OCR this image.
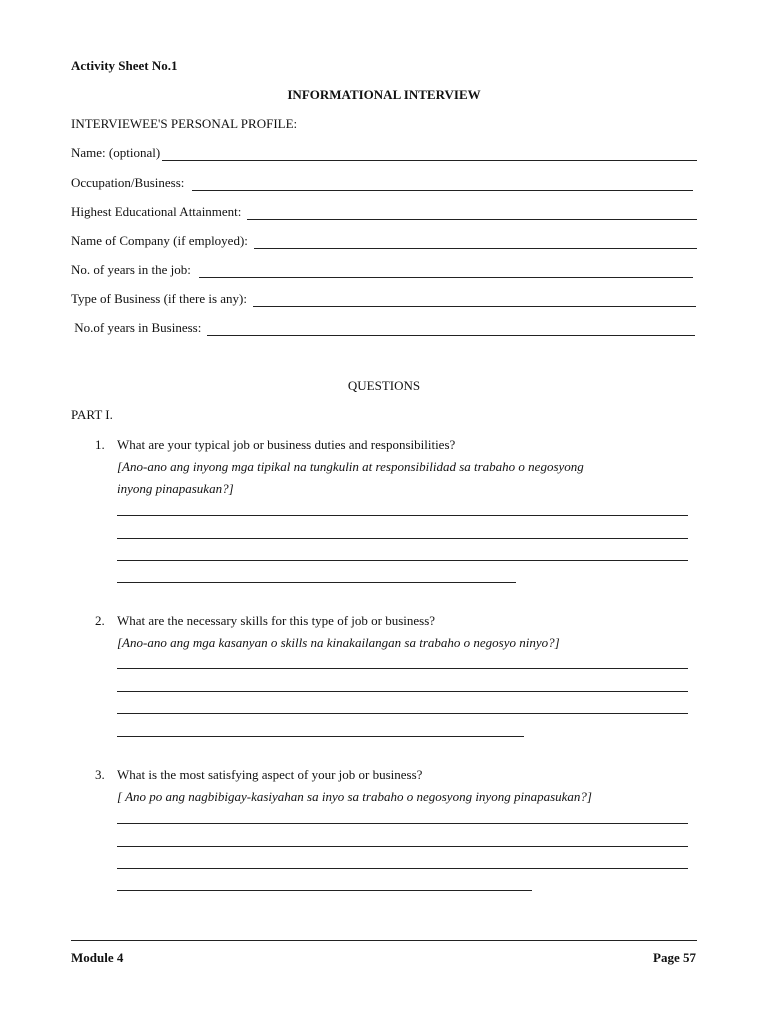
Activity Sheet No.1
INFORMATIONAL INTERVIEW
INTERVIEWEE'S PERSONAL PROFILE:
Name: (optional)
Occupation/Business:
Highest Educational Attainment:
Name of Company (if employed):
No. of years in the job:
Type of Business (if there is any):
No.of years in Business:
QUESTIONS
PART I.
1. What are your typical job or business duties and responsibilities?
[Ano-ano ang inyong mga tipikal na tungkulin at responsibilidad sa trabaho o negosyong
inyong pinapasukan?]
2. What are the necessary skills for this type of job or business?
[Ano-ano ang mga kasanyan o skills na kinakailangan sa trabaho o negosyo ninyo?]
3. What is the most satisfying aspect of your job or business?
[ Ano po ang nagbibigay-kasiyahan sa inyo sa trabaho o negosyong inyong pinapasukan?]
Module 4	Page 57
